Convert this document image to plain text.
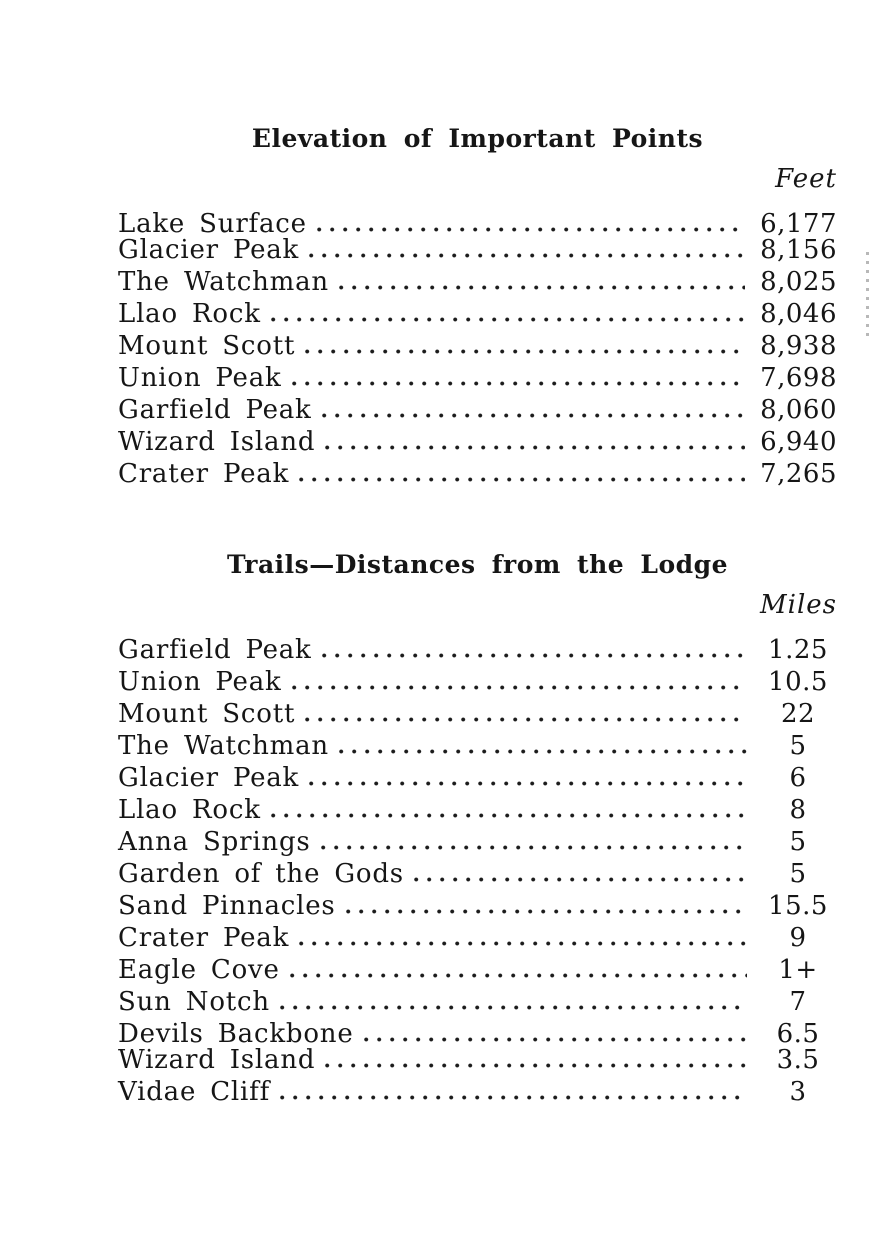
Elevation of Important Points
Feet
Lake Surface	6,177
Glacier Peak	8,156
The Watchman	8,025
Llao Rock	8,046
Mount Scott	8,938
Union Peak	7,698
Garfield Peak	8,060
Wizard Island	6,940
Crater Peak	7,265
Trails—Distances from the Lodge
Miles
Garfield Peak	1.25
Union Peak	10.5
Mount Scott	22
The Watchman	5
Glacier Peak	6
Llao Rock	8
Anna Springs	5
Garden of the Gods	5
Sand Pinnacles	15.5
Crater Peak	9
Eagle Cove	1+
Sun Notch	7
Devils Backbone	6.5
Wizard Island	3.5
Vidae Cliff	3
